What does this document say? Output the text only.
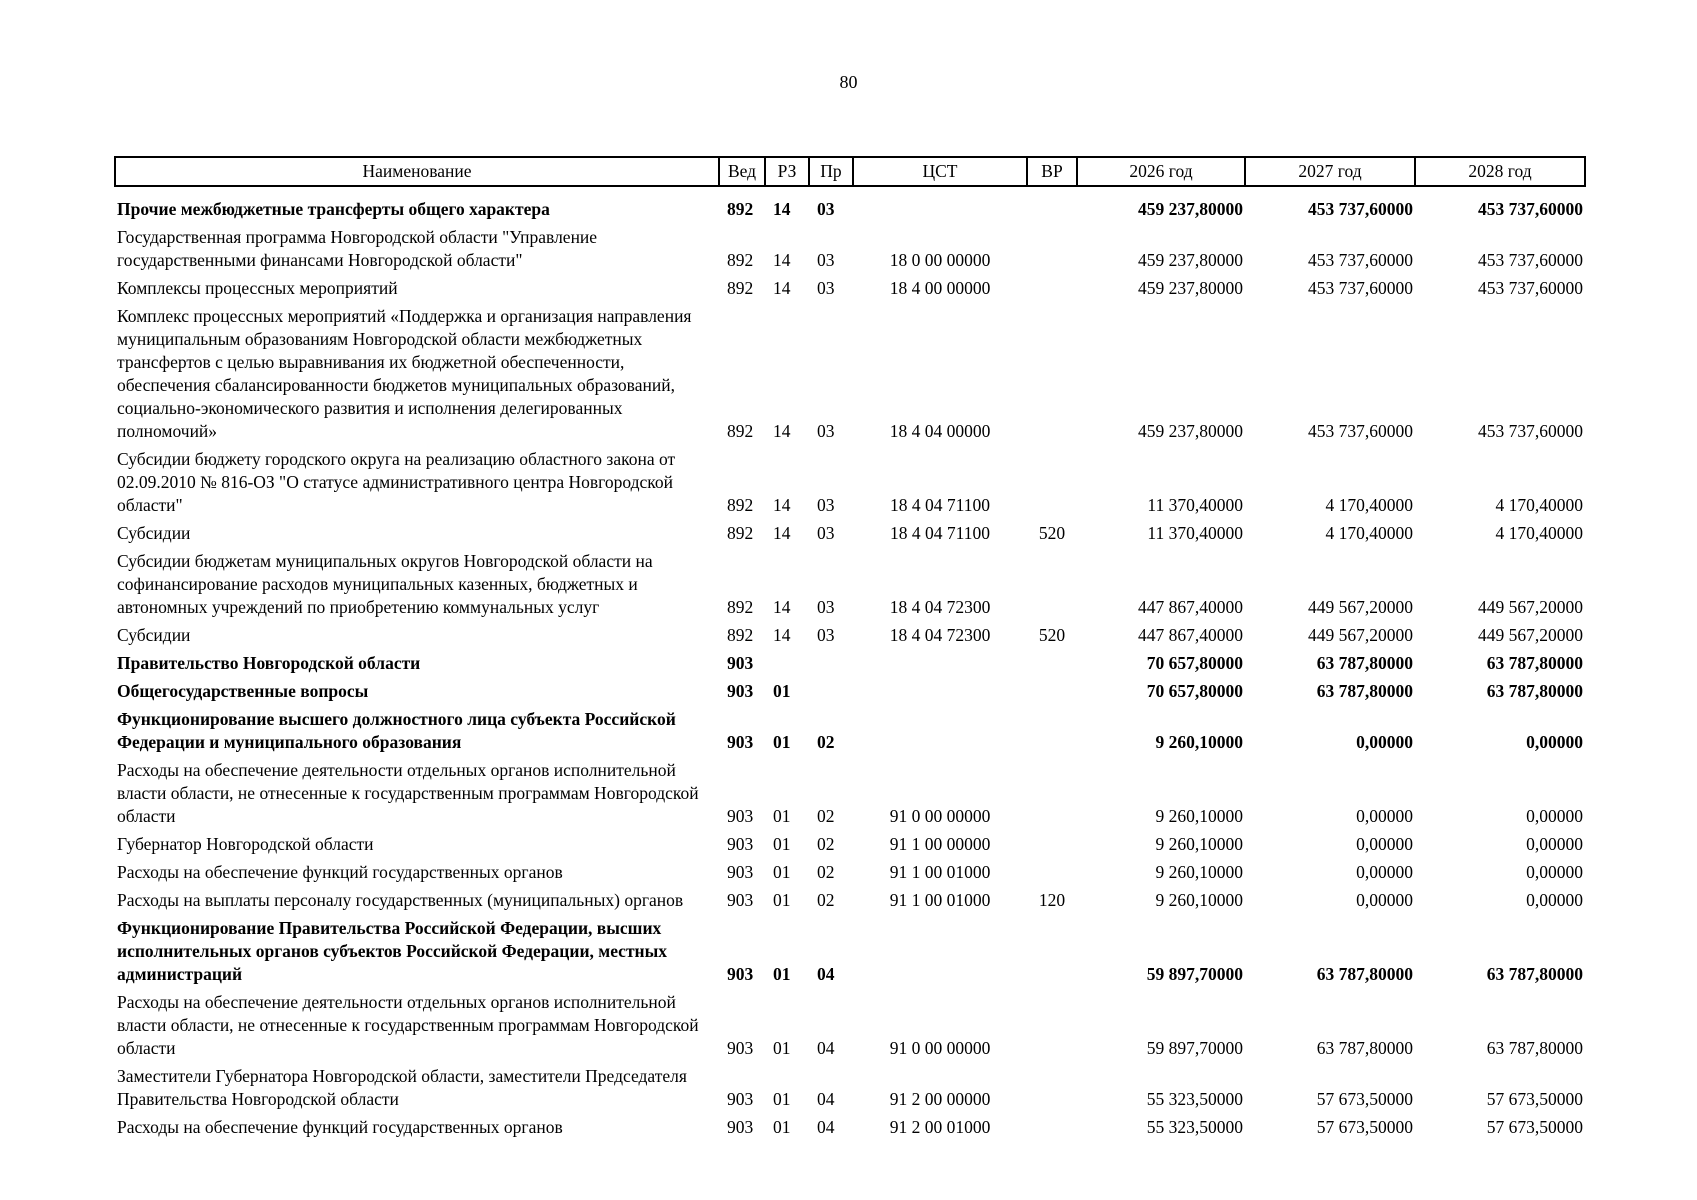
80
Наименование	Вед	РЗ	Пр	ЦСТ	ВР	2026 год	2027 год	2028 год

Прочие межбюджетные трансферты общего характера	892	14	03			459 237,80000	453 737,60000	453 737,60000
Государственная программа Новгородской области "Управление государственными финансами Новгородской области"	892	14	03	18 0 00 00000		459 237,80000	453 737,60000	453 737,60000
Комплексы процессных мероприятий	892	14	03	18 4 00 00000		459 237,80000	453 737,60000	453 737,60000
Комплекс процессных мероприятий «Поддержка и организация направления муниципальным образованиям Новгородской области межбюджетных трансфертов с целью выравнивания их бюджетной обеспеченности, обеспечения сбалансированности бюджетов муниципальных образований, социально-экономического развития и исполнения делегированных полномочий»	892	14	03	18 4 04 00000		459 237,80000	453 737,60000	453 737,60000
Субсидии бюджету городского округа на реализацию областного закона от 02.09.2010 № 816-ОЗ "О статусе административного центра Новгородской области"	892	14	03	18 4 04 71100		11 370,40000	4 170,40000	4 170,40000
Субсидии	892	14	03	18 4 04 71100	520	11 370,40000	4 170,40000	4 170,40000
Субсидии бюджетам муниципальных округов Новгородской области на софинансирование расходов муниципальных казенных, бюджетных и автономных учреждений по приобретению коммунальных услуг	892	14	03	18 4 04 72300		447 867,40000	449 567,20000	449 567,20000
Субсидии	892	14	03	18 4 04 72300	520	447 867,40000	449 567,20000	449 567,20000
Правительство Новгородской области	903					70 657,80000	63 787,80000	63 787,80000
Общегосударственные вопросы	903	01				70 657,80000	63 787,80000	63 787,80000
Функционирование высшего должностного лица субъекта Российской Федерации и муниципального образования	903	01	02			9 260,10000	0,00000	0,00000
Расходы на обеспечение деятельности отдельных органов исполнительной власти области, не отнесенные к государственным программам Новгородской области	903	01	02	91 0 00 00000		9 260,10000	0,00000	0,00000
Губернатор Новгородской области	903	01	02	91 1 00 00000		9 260,10000	0,00000	0,00000
Расходы на обеспечение функций государственных органов	903	01	02	91 1 00 01000		9 260,10000	0,00000	0,00000
Расходы на выплаты персоналу государственных (муниципальных) органов	903	01	02	91 1 00 01000	120	9 260,10000	0,00000	0,00000
Функционирование Правительства Российской Федерации, высших исполнительных органов субъектов Российской Федерации, местных администраций	903	01	04			59 897,70000	63 787,80000	63 787,80000
Расходы на обеспечение деятельности отдельных органов исполнительной власти области, не отнесенные к государственным программам Новгородской области	903	01	04	91 0 00 00000		59 897,70000	63 787,80000	63 787,80000
Заместители Губернатора Новгородской области, заместители Председателя Правительства Новгородской области	903	01	04	91 2 00 00000		55 323,50000	57 673,50000	57 673,50000
Расходы на обеспечение функций государственных органов	903	01	04	91 2 00 01000		55 323,50000	57 673,50000	57 673,50000
